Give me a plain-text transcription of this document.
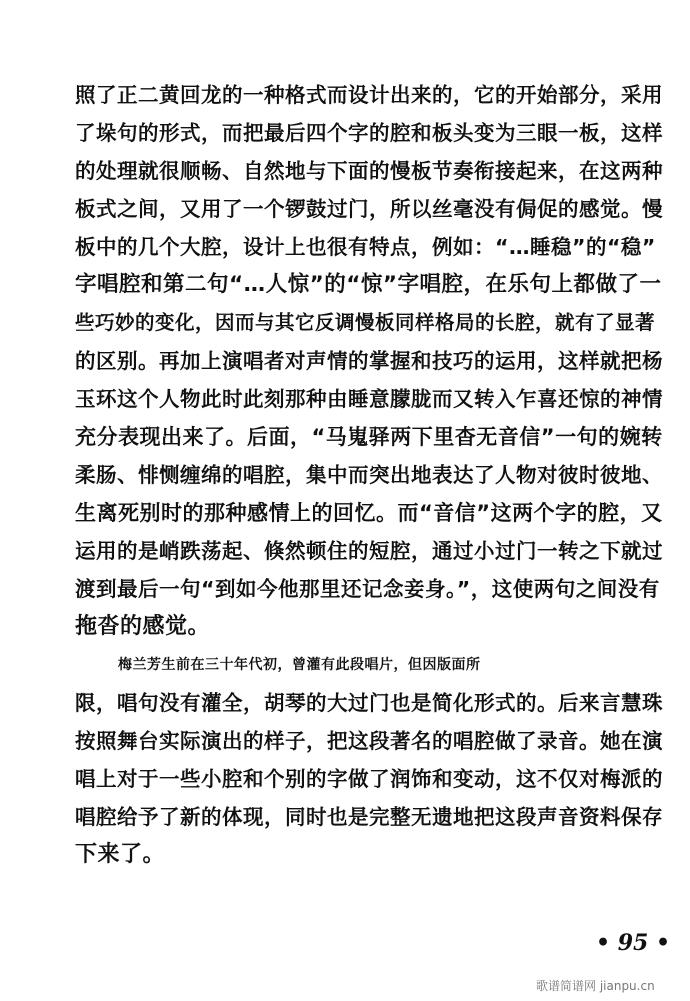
照了正二黄回龙的一种格式而设计出来的，它的开始部分，采用
了垛句的形式，而把最后四个字的腔和板头变为三眼一板，这样
的处理就很顺畅、自然地与下面的慢板节奏衔接起来，在这两种
板式之间，又用了一个锣鼓过门，所以丝毫没有侷促的感觉。慢
板中的几个大腔，设计上也很有特点，例如：“…睡稳”的“稳”
字唱腔和第二句“…人惊”的“惊”字唱腔，在乐句上都做了一
些巧妙的变化，因而与其它反调慢板同样格局的长腔，就有了显著
的区别。再加上演唱者对声情的掌握和技巧的运用，这样就把杨
玉环这个人物此时此刻那种由睡意朦胧而又转入乍喜还惊的神情
充分表现出来了。后面，“马嵬驿两下里杳无音信”一句的婉转
柔肠、悱恻缠绵的唱腔，集中而突出地表达了人物对彼时彼地、
生离死别时的那种感情上的回忆。而“音信”这两个字的腔，又
运用的是峭跌荡起、倏然顿住的短腔，通过小过门一转之下就过
渡到最后一句“到如今他那里还记念妾身。”，这使两句之间没有
拖沓的感觉。
梅兰芳生前在三十年代初，曾灌有此段唱片，但因版面所
限，唱句没有灌全，胡琴的大过门也是简化形式的。后来言慧珠
按照舞台实际演出的样子，把这段著名的唱腔做了录音。她在演
唱上对于一些小腔和个别的字做了润饰和变动，这不仅对梅派的
唱腔给予了新的体现，同时也是完整无遗地把这段声音资料保存
下来了。
• 95 •
歌谱简谱网 jianpu.cn
